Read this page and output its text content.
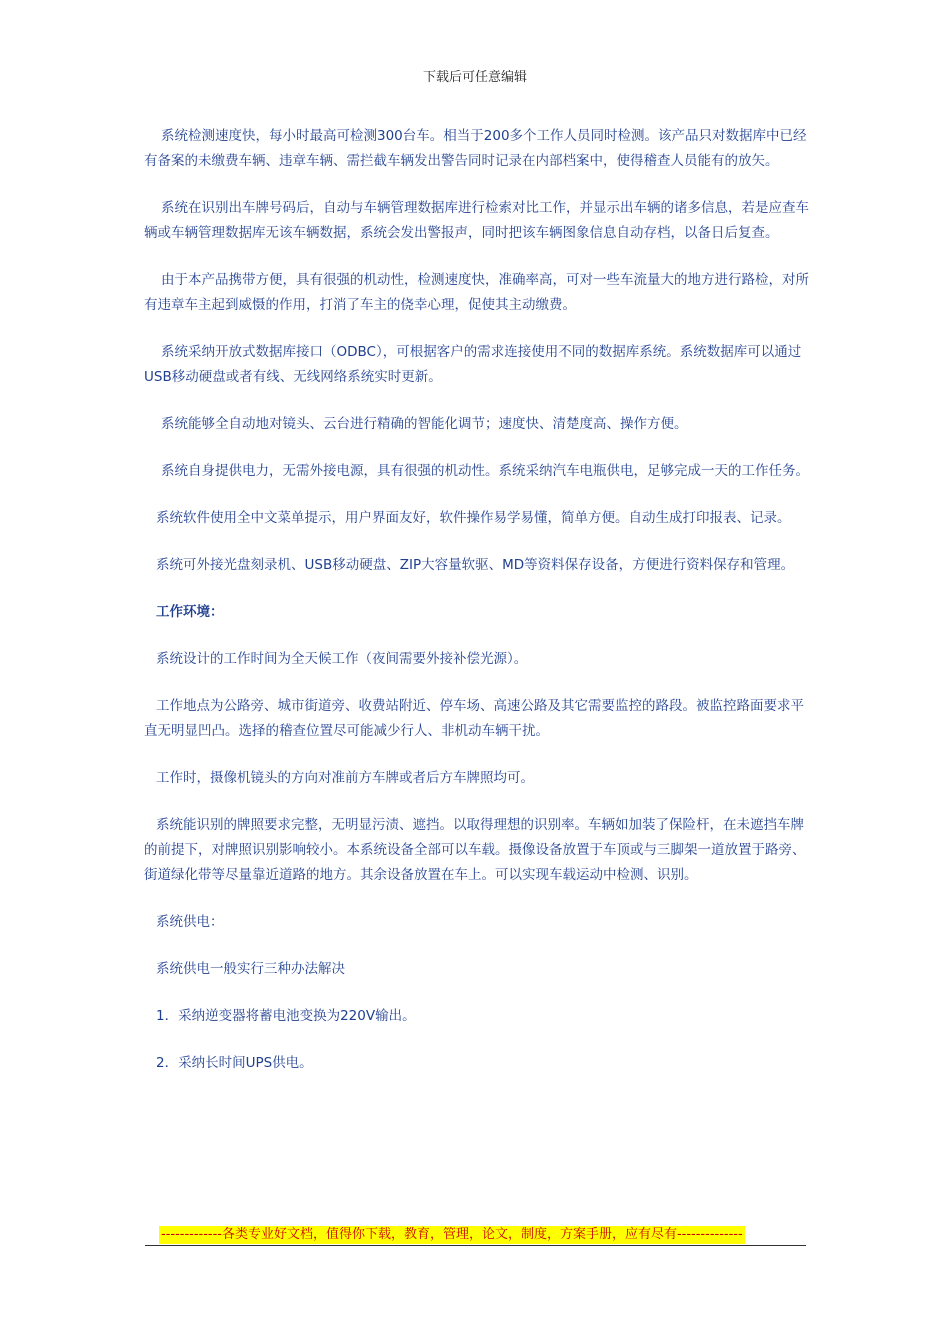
下载后可任意编辑

系统检测速度快，每小时最高可检测300台车。相当于200多个工作人员同时检测。该产品只对数据库中已经有备案的未缴费车辆、违章车辆、需拦截车辆发出警告同时记录在内部档案中，使得稽查人员能有的放矢。

系统在识别出车牌号码后，自动与车辆管理数据库进行检索对比工作，并显示出车辆的诸多信息，若是应查车辆或车辆管理数据库无该车辆数据，系统会发出警报声，同时把该车辆图象信息自动存档，以备日后复查。

由于本产品携带方便，具有很强的机动性，检测速度快，准确率高，可对一些车流量大的地方进行路检，对所有违章车主起到威慑的作用，打消了车主的侥幸心理，促使其主动缴费。

系统采纳开放式数据库接口（ODBC），可根据客户的需求连接使用不同的数据库系统。系统数据库可以通过USB移动硬盘或者有线、无线网络系统实时更新。

系统能够全自动地对镜头、云台进行精确的智能化调节；速度快、清楚度高、操作方便。

系统自身提供电力，无需外接电源，具有很强的机动性。系统采纳汽车电瓶供电，足够完成一天的工作任务。

系统软件使用全中文菜单提示，用户界面友好，软件操作易学易懂，简单方便。自动生成打印报表、记录。

系统可外接光盘刻录机、USB移动硬盘、ZIP大容量软驱、MD等资料保存设备，方便进行资料保存和管理。

工作环境：

系统设计的工作时间为全天候工作（夜间需要外接补偿光源）。

工作地点为公路旁、城市街道旁、收费站附近、停车场、高速公路及其它需要监控的路段。被监控路面要求平直无明显凹凸。选择的稽查位置尽可能减少行人、非机动车辆干扰。

工作时，摄像机镜头的方向对准前方车牌或者后方车牌照均可。

系统能识别的牌照要求完整，无明显污渍、遮挡。以取得理想的识别率。车辆如加装了保险杆，在未遮挡车牌的前提下，对牌照识别影响较小。本系统设备全部可以车载。摄像设备放置于车顶或与三脚架一道放置于路旁、街道绿化带等尽量靠近道路的地方。其余设备放置在车上。可以实现车载运动中检测、识别。

系统供电：

系统供电一般实行三种办法解决

1．采纳逆变器将蓄电池变换为220V输出。

2．采纳长时间UPS供电。

-------------各类专业好文档，值得你下载，教育，管理，论文，制度，方案手册，应有尽有--------------
